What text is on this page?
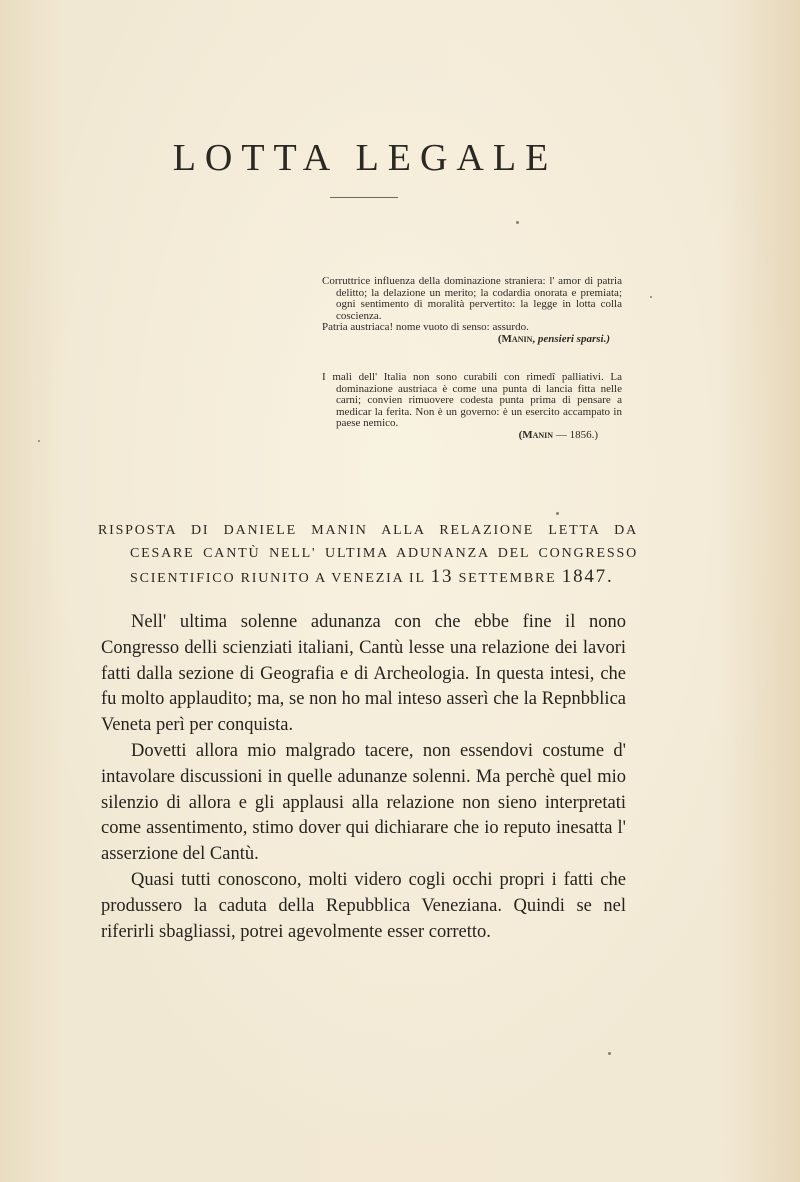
LOTTA LEGALE

Corruttrice influenza della dominazione straniera: l' amor di patria delitto; la delazione un merito; la codardia onorata e premiata; ogni sentimento di moralità pervertito: la legge in lotta colla coscienza.

Patria austriaca! nome vuoto di senso: assurdo.

(Manin, pensieri sparsi.)

I mali dell' Italia non sono curabili con rimedî palliativi. La dominazione austriaca è come una punta di lancia fitta nelle carni; convien rimuovere codesta punta prima di pensare a medicar la ferita. Non è un governo: è un esercito accampato in paese nemico.

(Manin — 1856.)

RISPOSTA DI DANIELE MANIN ALLA RELAZIONE LETTA DA
CESARE CANTÙ NELL' ULTIMA ADUNANZA DEL CONGRESSO
SCIENTIFICO RIUNITO A VENEZIA IL 13 SETTEMBRE 1847.

Nell' ultima solenne adunanza con che ebbe fine il nono Congresso delli scienziati italiani, Cantù lesse una relazione dei lavori fatti dalla sezione di Geografia e di Archeologia. In questa intesi, che fu molto applaudito; ma, se non ho mal inteso asserì che la Repnbblica Veneta perì per conquista.

Dovetti allora mio malgrado tacere, non essendovi costume d' intavolare discussioni in quelle adunanze solenni. Ma perchè quel mio silenzio di allora e gli applausi alla relazione non sieno interpretati come assentimento, stimo dover qui dichiarare che io reputo inesatta l' asserzione del Cantù.

Quasi tutti conoscono, molti videro cogli occhi propri i fatti che produssero la caduta della Repubblica Veneziana. Quindi se nel riferirli sbagliassi, potrei agevolmente esser corretto.
